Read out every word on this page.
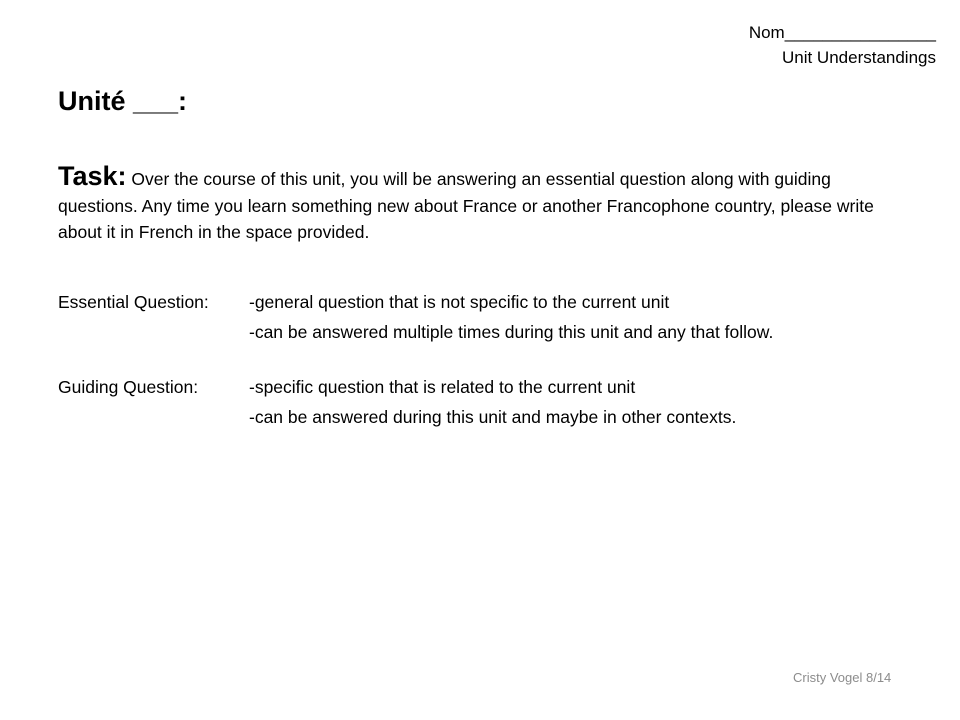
Nom________________
Unit Understandings
Unité ___:

Task: Over the course of this unit, you will be answering an essential question along with guiding questions. Any time you learn something new about France or another Francophone country, please write about it in French in the space provided.

Essential Question:	-general question that is not specific to the current unit
-can be answered multiple times during this unit and any that follow.
Guiding Question:	-specific question that is related to the current unit
-can be answered during this unit and maybe in other contexts.
Cristy Vogel 8/14
